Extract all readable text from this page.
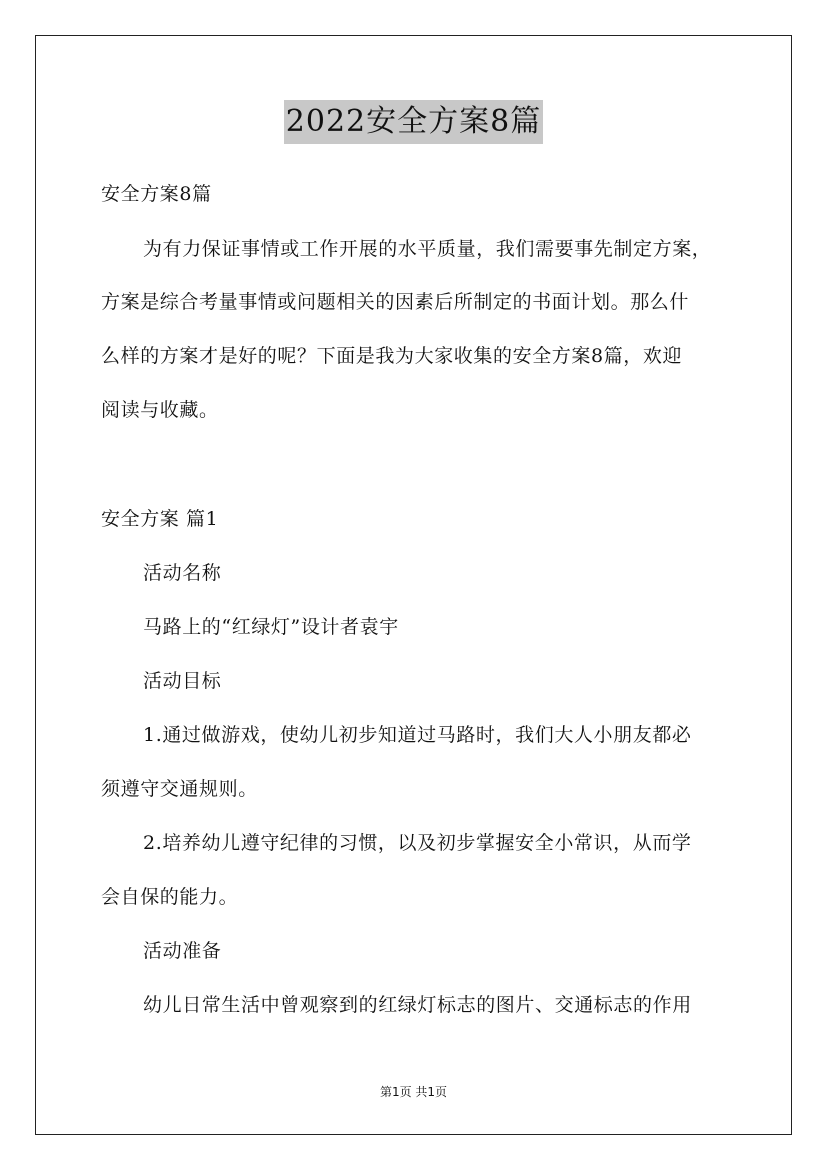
2022安全方案8篇
安全方案8篇
为有力保证事情或工作开展的水平质量，我们需要事先制定方案，
方案是综合考量事情或问题相关的因素后所制定的书面计划。那么什
么样的方案才是好的呢？下面是我为大家收集的安全方案8篇，欢迎
阅读与收藏。
安全方案 篇1
活动名称
马路上的“红绿灯”设计者袁宇
活动目标
1.通过做游戏，使幼儿初步知道过马路时，我们大人小朋友都必
须遵守交通规则。
2.培养幼儿遵守纪律的习惯，以及初步掌握安全小常识，从而学
会自保的能力。
活动准备
幼儿日常生活中曾观察到的红绿灯标志的图片、交通标志的作用
第1页 共1页
